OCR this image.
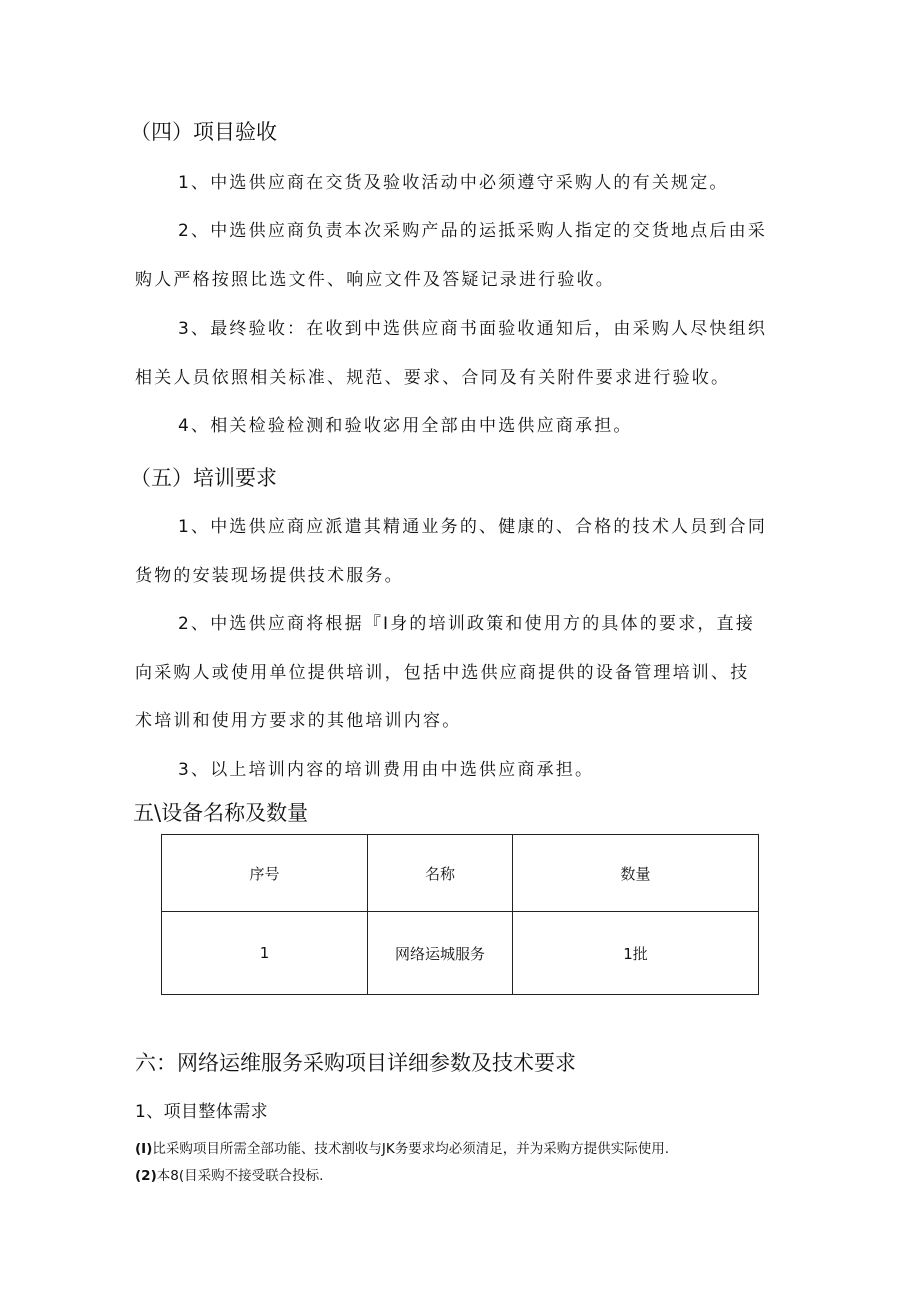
（四）项目验收
1、中选供应商在交货及验收活动中必须遵守采购人的有关规定。
2、中选供应商负责本次采购产品的运抵采购人指定的交货地点后由采
购人严格按照比选文件、响应文件及答疑记录进行验收。
3、最终验收：在收到中选供应商书面验收通知后，由采购人尽快组织
相关人员依照相关标准、规范、要求、合同及有关附件要求进行验收。
4、相关检验检测和验收宓用全部由中选供应商承担。
（五）培训要求
1、中选供应商应派遣其精通业务的、健康的、合格的技术人员到合同
货物的安装现场提供技术服务。
2、中选供应商将根据『I身的培训政策和使用方的具体的要求，直接
向采购人或使用单位提供培训，包括中选供应商提供的设备管理培训、技
术培训和使用方要求的其他培训内容。
3、以上培训内容的培训费用由中选供应商承担。
五\设备名称及数量
序号	名称	数量
1	网络运城服务	1批
六：网络运维服务采购项目详细参数及技术要求
1、项目整体需求
(I)比采购项目所需全部功能、技术割收与JK务要求均必须清足，并为采购方提供实际使用.
(2)本8(目采购不接受联合投标.
